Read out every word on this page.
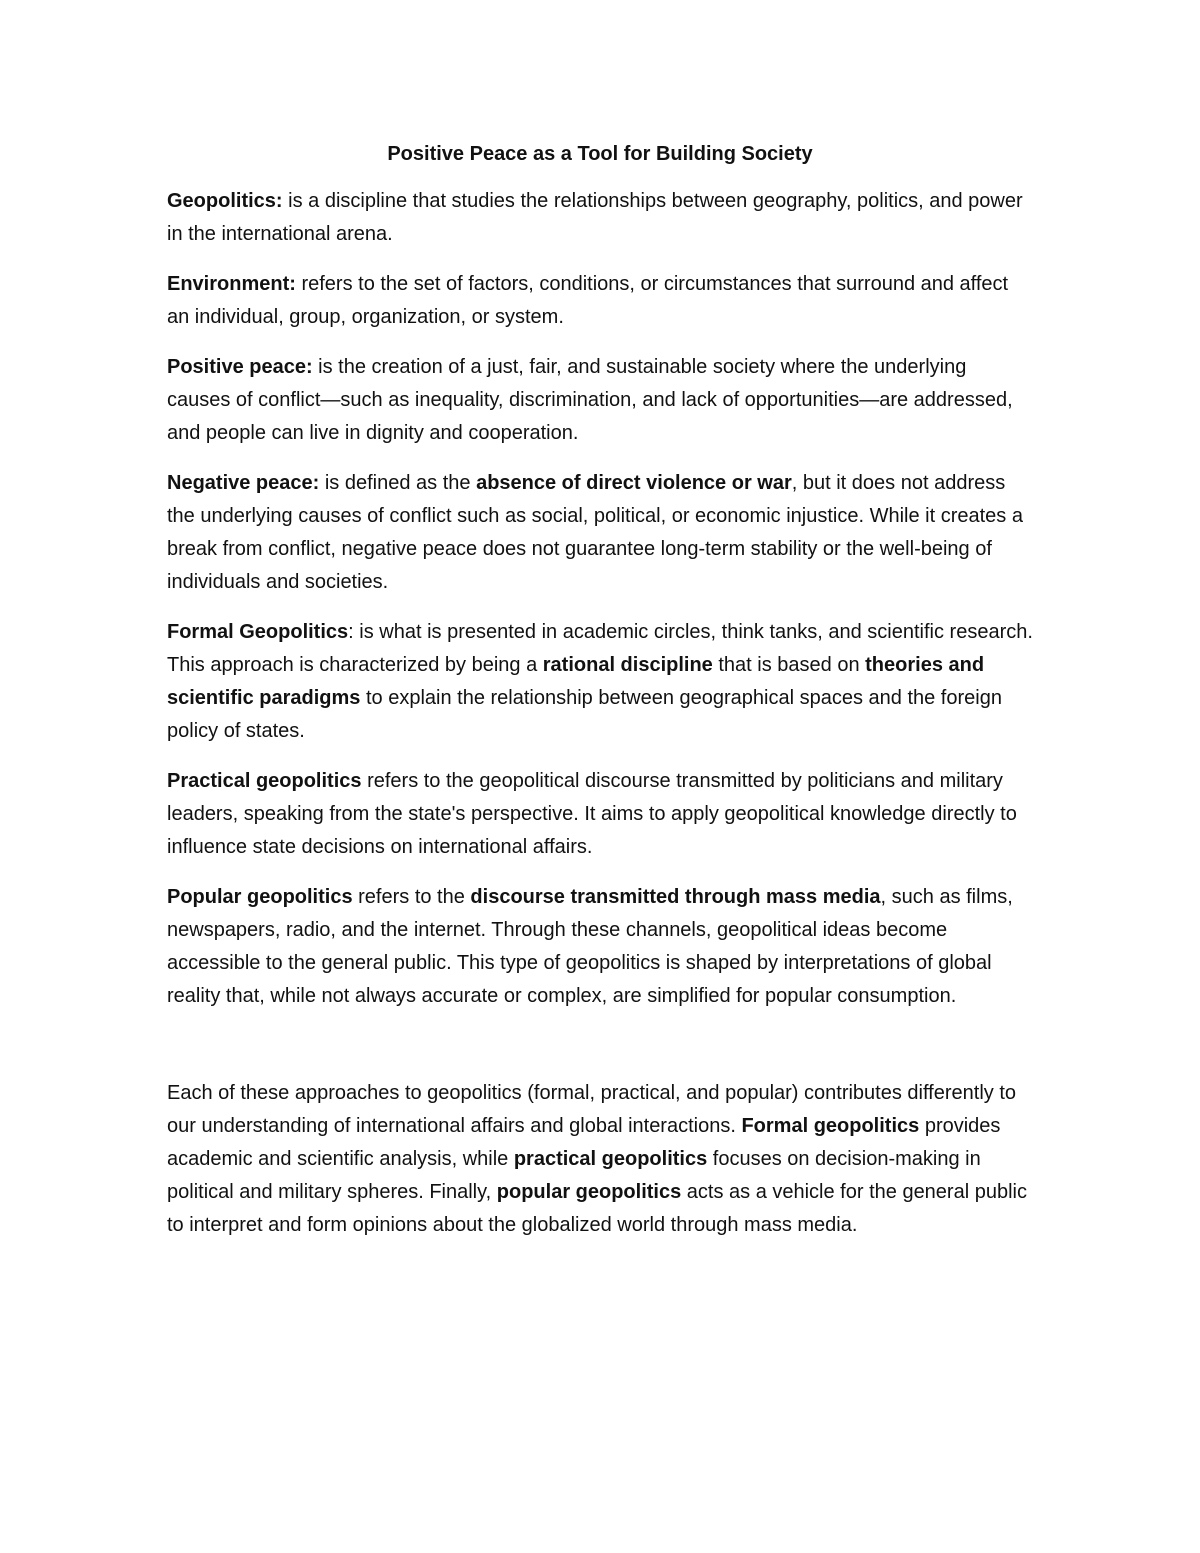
Positive Peace as a Tool for Building Society

Geopolitics: is a discipline that studies the relationships between geography, politics, and power in the international arena.

Environment: refers to the set of factors, conditions, or circumstances that surround and affect an individual, group, organization, or system.

Positive peace: is the creation of a just, fair, and sustainable society where the underlying causes of conflict—such as inequality, discrimination, and lack of opportunities—are addressed, and people can live in dignity and cooperation.

Negative peace: is defined as the absence of direct violence or war, but it does not address the underlying causes of conflict such as social, political, or economic injustice. While it creates a break from conflict, negative peace does not guarantee long-term stability or the well-being of individuals and societies.

Formal Geopolitics: is what is presented in academic circles, think tanks, and scientific research. This approach is characterized by being a rational discipline that is based on theories and scientific paradigms to explain the relationship between geographical spaces and the foreign policy of states.

Practical geopolitics refers to the geopolitical discourse transmitted by politicians and military leaders, speaking from the state's perspective. It aims to apply geopolitical knowledge directly to influence state decisions on international affairs.

Popular geopolitics refers to the discourse transmitted through mass media, such as films, newspapers, radio, and the internet. Through these channels, geopolitical ideas become accessible to the general public. This type of geopolitics is shaped by interpretations of global reality that, while not always accurate or complex, are simplified for popular consumption.

Each of these approaches to geopolitics (formal, practical, and popular) contributes differently to our understanding of international affairs and global interactions. Formal geopolitics provides academic and scientific analysis, while practical geopolitics focuses on decision-making in political and military spheres. Finally, popular geopolitics acts as a vehicle for the general public to interpret and form opinions about the globalized world through mass media.
